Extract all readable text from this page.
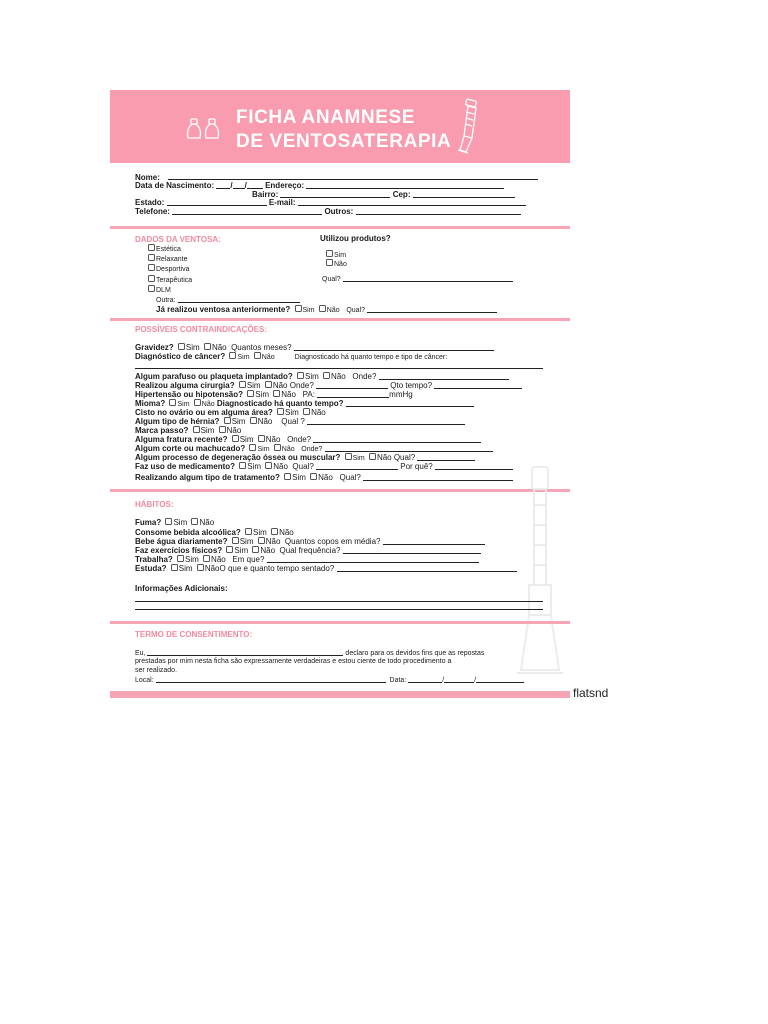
FICHA ANAMNESE
DE VENTOSATERAPIA
Nome:
Data de Nascimento: / / Endereço:
Bairro:	Cep:
Estado:	E-mail:
Telefone:	Outros:
DADOS DA VENTOSA:
Estética
Relaxante
Desportiva
Terapêutica
DLM
Outra:
Utilizou produtos?
Sim
Não
Qual?
Já realizou ventosa anteriormente? Sim Não Qual?
POSSÍVEIS CONTRAINDICAÇÕES:
Gravidez? Sim Não Quantos meses?
Diagnóstico de câncer? Sim Não	Diagnosticado há quanto tempo e tipo de câncer:
Algum parafuso ou plaqueta implantado? Sim Não Onde?
Realizou alguma cirurgia? Sim Não Onde?	Qto tempo?
Hipertensão ou hipotensão? Sim Não PA:	mmHg
Mioma? Sim Não Diagnosticado há quanto tempo?
Cisto no ovário ou em alguma área? Sim Não
Algum tipo de hérnia? Sim Não Qual ?
Marca passo? Sim Não
Alguma fratura recente? Sim Não Onde?
Algum corte ou machucado? Sim Não Onde?
Algum processo de degeneração óssea ou muscular? Sim Não Qual?
Faz uso de medicamento? Sim Não Qual?	Por quê?
Realizando algum tipo de tratamento? Sim Não Qual?
HÁBITOS:
Fuma? Sim Não
Consome bebida alcoólica? Sim Não
Bebe água diariamente? Sim Não Quantos copos em média?
Faz exercícios físicos? Sim Não Qual frequência?
Trabalha? Sim Não Em que?
Estuda? Sim NãoO que e quanto tempo sentado?
Informações Adicionais:
TERMO DE CONSENTIMENTO:
Eu,	declaro para os devidos fins que as repostas
prestadas por mim nesta ficha são expressamente verdadeiras e estou ciente de todo procedimento a
ser realizado.
Local:	Data:	/	/
flatsnd
